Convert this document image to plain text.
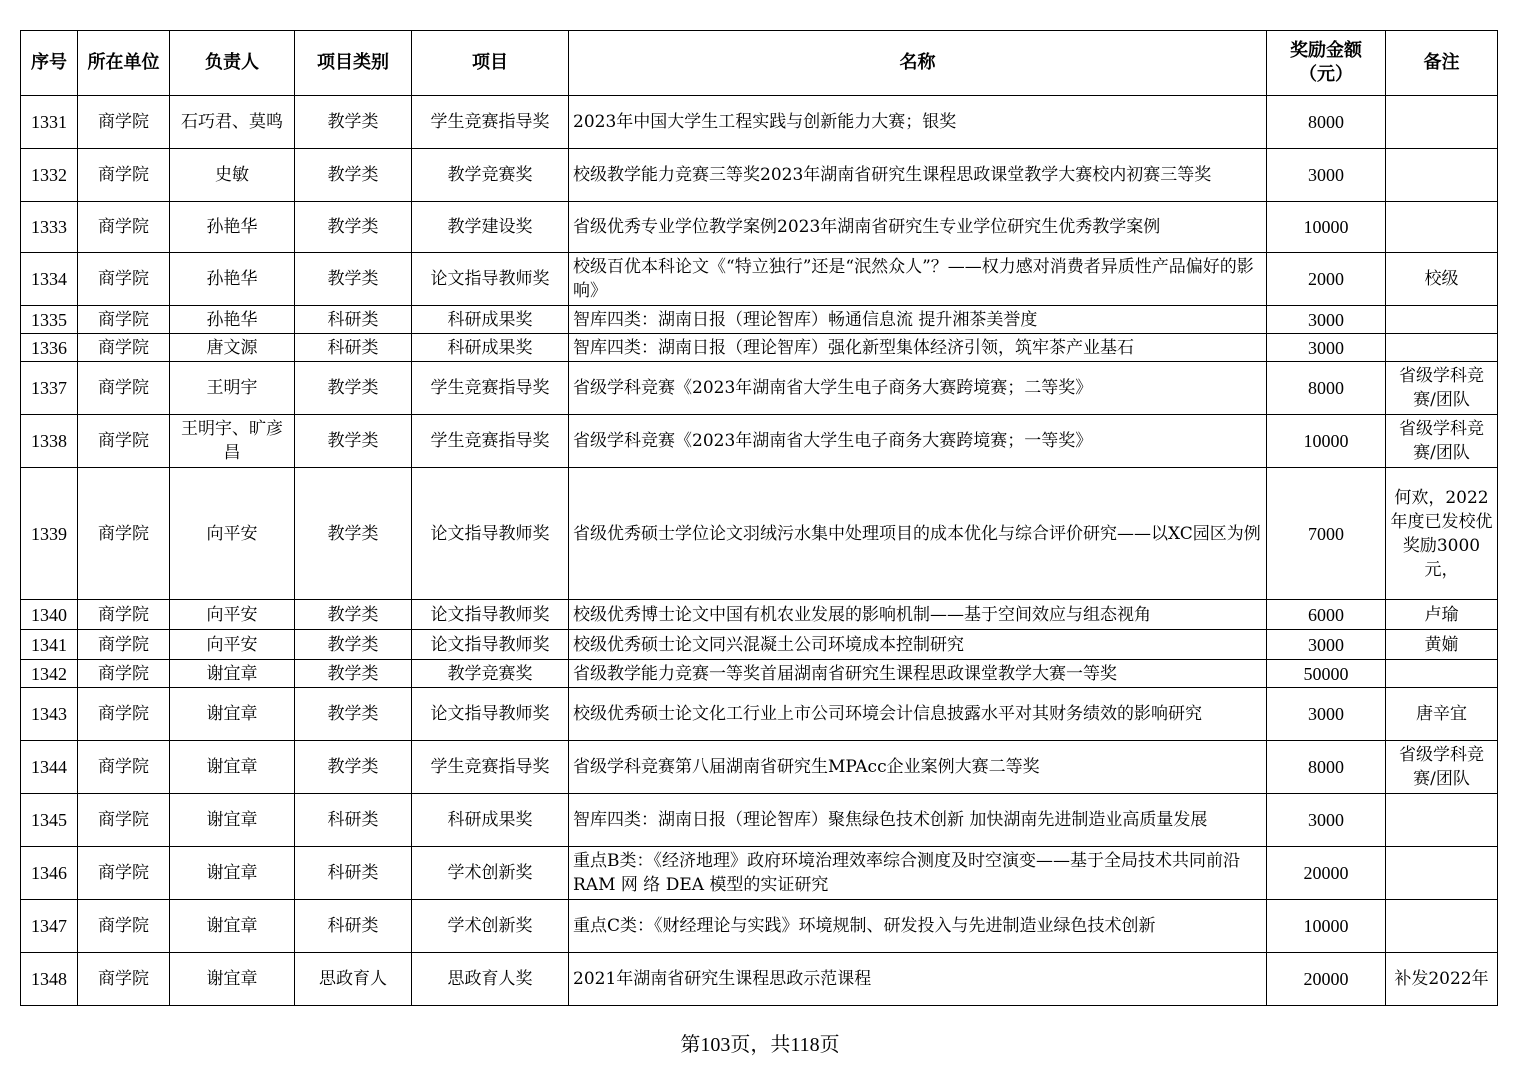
序号	所在单位	负责人	项目类别	项目	名称	奖励金额（元）	备注
1331	商学院	石巧君、莫鸣	教学类	学生竞赛指导奖	2023年中国大学生工程实践与创新能力大赛；银奖	8000	
1332	商学院	史敏	教学类	教学竞赛奖	校级教学能力竞赛三等奖2023年湖南省研究生课程思政课堂教学大赛校内初赛三等奖	3000	
1333	商学院	孙艳华	教学类	教学建设奖	省级优秀专业学位教学案例2023年湖南省研究生专业学位研究生优秀教学案例	10000	
1334	商学院	孙艳华	教学类	论文指导教师奖	校级百优本科论文《“特立独行”还是“泯然众人”？——权力感对消费者异质性产品偏好的影响》	2000	校级
1335	商学院	孙艳华	科研类	科研成果奖	智库四类：湖南日报（理论智库）畅通信息流 提升湘茶美誉度	3000	
1336	商学院	唐文源	科研类	科研成果奖	智库四类：湖南日报（理论智库）强化新型集体经济引领，筑牢茶产业基石	3000	
1337	商学院	王明宇	教学类	学生竞赛指导奖	省级学科竞赛《2023年湖南省大学生电子商务大赛跨境赛；二等奖》	8000	省级学科竞赛/团队
1338	商学院	王明宇、旷彦昌	教学类	学生竞赛指导奖	省级学科竞赛《2023年湖南省大学生电子商务大赛跨境赛；一等奖》	10000	省级学科竞赛/团队
1339	商学院	向平安	教学类	论文指导教师奖	省级优秀硕士学位论文羽绒污水集中处理项目的成本优化与综合评价研究——以XC园区为例	7000	何欢，2022年度已发校优奖励3000元，
1340	商学院	向平安	教学类	论文指导教师奖	校级优秀博士论文中国有机农业发展的影响机制——基于空间效应与组态视角	6000	卢瑜
1341	商学院	向平安	教学类	论文指导教师奖	校级优秀硕士论文同兴混凝土公司环境成本控制研究	3000	黄媊
1342	商学院	谢宜章	教学类	教学竞赛奖	省级教学能力竞赛一等奖首届湖南省研究生课程思政课堂教学大赛一等奖	50000	
1343	商学院	谢宜章	教学类	论文指导教师奖	校级优秀硕士论文化工行业上市公司环境会计信息披露水平对其财务绩效的影响研究	3000	唐辛宜
1344	商学院	谢宜章	教学类	学生竞赛指导奖	省级学科竞赛第八届湖南省研究生MPAcc企业案例大赛二等奖	8000	省级学科竞赛/团队
1345	商学院	谢宜章	科研类	科研成果奖	智库四类：湖南日报（理论智库）聚焦绿色技术创新 加快湖南先进制造业高质量发展	3000	
1346	商学院	谢宜章	科研类	学术创新奖	重点B类：《经济地理》政府环境治理效率综合测度及时空演变——基于全局技术共同前沿 RAM 网 络 DEA 模型的实证研究	20000	
1347	商学院	谢宜章	科研类	学术创新奖	重点C类：《财经理论与实践》环境规制、研发投入与先进制造业绿色技术创新	10000	
1348	商学院	谢宜章	思政育人	思政育人奖	2021年湖南省研究生课程思政示范课程	20000	补发2022年
第103页，共118页
